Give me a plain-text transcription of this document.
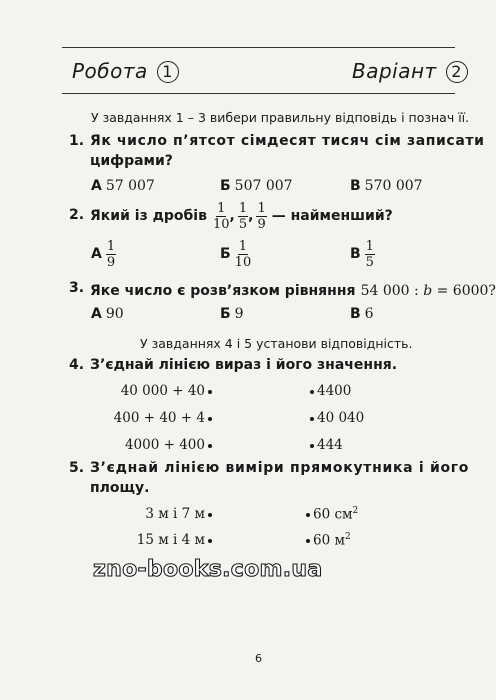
Робота 1	Варіант 2
У завданнях 1 – 3 вибери правильну відповідь і познач її.
1. Як число п’ятсот сімдесят тисяч сім записати
цифрами?
А 57 007	Б 507 007	В 570 007
2. Який із дробів $\frac{1}{10}$ , $\frac{1}{5}$ , $\frac{1}{9}$ — найменший?
А $\frac{1}{9}$	Б $\frac{1}{10}$	В $\frac{1}{5}$
3. Яке число є розв’язком рівняння 54 000 : b = 6000?
А 90	Б 9	В 6
У завданнях 4 і 5 установи відповідність.
4. З’єднай лінією вираз і його значення.
40 000 + 40
400 + 40 + 4
4000 + 400
4400
40 040
444
5. З’єднай лінією виміри прямокутника і його
площу.
3 м і 7 м
15 м і 4 м
60 $см^2$
60 $м^2$
zno-books.com.ua
6
